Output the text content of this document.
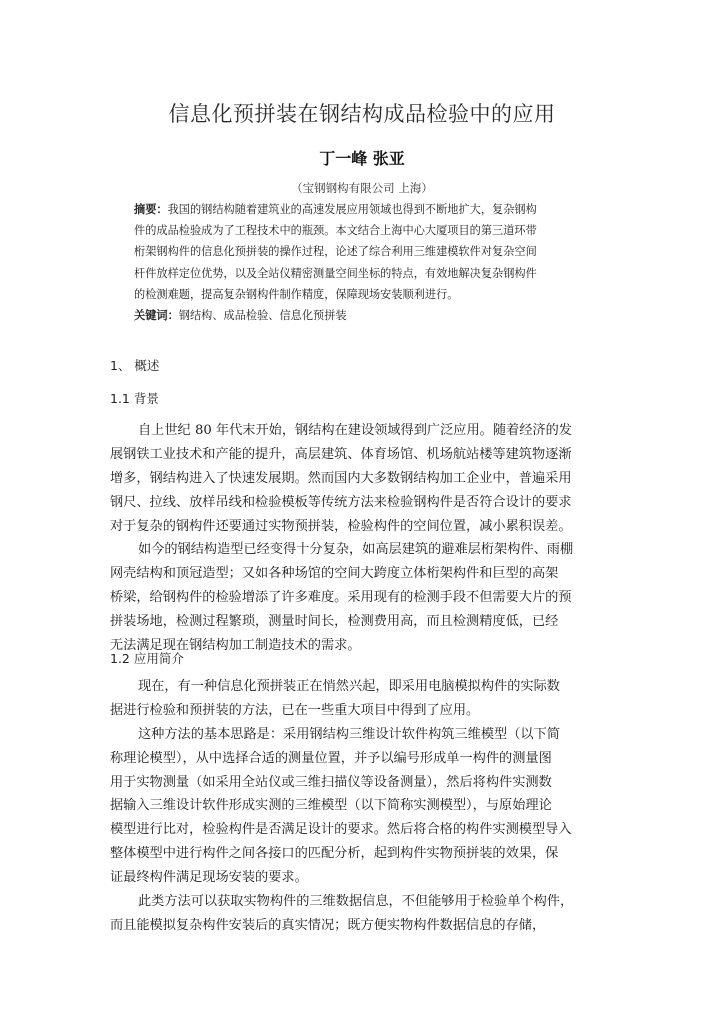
信息化预拼装在钢结构成品检验中的应用
丁一峰 张亚
（宝钢钢构有限公司 上海）
摘要：我国的钢结构随着建筑业的高速发展应用领域也得到不断地扩大，复杂钢构
件的成品检验成为了工程技术中的瓶颈。本文结合上海中心大厦项目的第三道环带
桁架钢构件的信息化预拼装的操作过程，论述了综合利用三维建模软件对复杂空间
杆件放样定位优势，以及全站仪精密测量空间坐标的特点，有效地解决复杂钢构件
的检测难题，提高复杂钢构件制作精度，保障现场安装顺利进行。
关键词：钢结构、成品检验、信息化预拼装
1、 概述
1.1 背景
自上世纪 80 年代末开始，钢结构在建设领域得到广泛应用。随着经济的发
展钢铁工业技术和产能的提升，高层建筑、体育场馆、机场航站楼等建筑物逐渐
增多，钢结构进入了快速发展期。然而国内大多数钢结构加工企业中，普遍采用
钢尺、拉线、放样吊线和检验模板等传统方法来检验钢构件是否符合设计的要求
对于复杂的钢构件还要通过实物预拼装，检验构件的空间位置，减小累积误差。
如今的钢结构造型已经变得十分复杂，如高层建筑的避难层桁架构件、雨棚
网壳结构和顶冠造型；又如各种场馆的空间大跨度立体桁架构件和巨型的高架
桥梁，给钢构件的检验增添了许多难度。采用现有的检测手段不但需要大片的预
拼装场地，检测过程繁琐，测量时间长，检测费用高，而且检测精度低，已经
无法满足现在钢结构加工制造技术的需求。
1.2 应用简介
现在，有一种信息化预拼装正在悄然兴起，即采用电脑模拟构件的实际数
据进行检验和预拼装的方法，已在一些重大项目中得到了应用。
这种方法的基本思路是：采用钢结构三维设计软件构筑三维模型（以下简
称理论模型），从中选择合适的测量位置，并予以编号形成单一构件的测量图
用于实物测量（如采用全站仪或三维扫描仪等设备测量），然后将构件实测数
据输入三维设计软件形成实测的三维模型（以下简称实测模型），与原始理论
模型进行比对，检验构件是否满足设计的要求。然后将合格的构件实测模型导入
整体模型中进行构件之间各接口的匹配分析，起到构件实物预拼装的效果，保
证最终构件满足现场安装的要求。
此类方法可以获取实物构件的三维数据信息，不但能够用于检验单个构件，
而且能模拟复杂构件安装后的真实情况；既方便实物构件数据信息的存储，
